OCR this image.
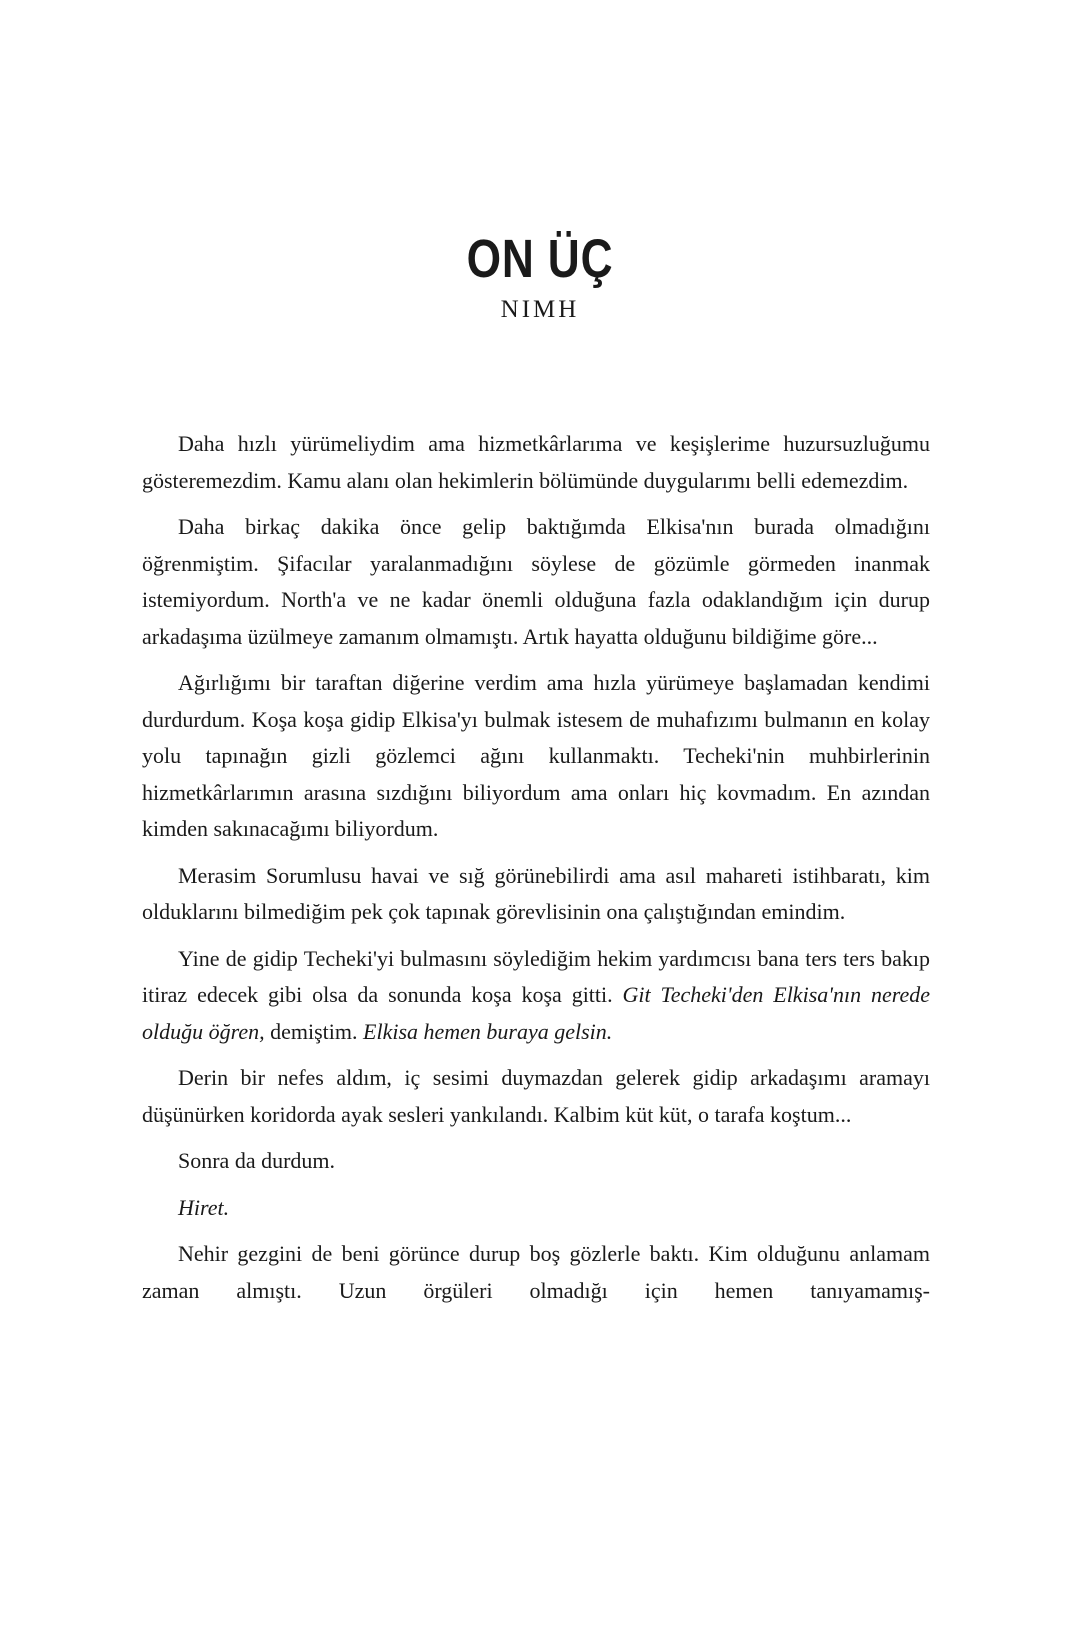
ON ÜÇ
NIMH

Daha hızlı yürümeliydim ama hizmetkârlarıma ve keşişlerime huzursuzluğumu gösteremezdim. Kamu alanı olan hekimlerin bölümünde duygularımı belli edemezdim.

Daha birkaç dakika önce gelip baktığımda Elkisa'nın burada olmadığını öğrenmiştim. Şifacılar yaralanmadığını söylese de gözümle görmeden inanmak istemiyordum. North'a ve ne kadar önemli olduğuna fazla odaklandığım için durup arkadaşıma üzülmeye zamanım olmamıştı. Artık hayatta olduğunu bildiğime göre...

Ağırlığımı bir taraftan diğerine verdim ama hızla yürümeye başlamadan kendimi durdurdum. Koşa koşa gidip Elkisa'yı bulmak istesem de muhafızımı bulmanın en kolay yolu tapınağın gizli gözlemci ağını kullanmaktı. Techeki'nin muhbirlerinin hizmetkârlarımın arasına sızdığını biliyordum ama onları hiç kovmadım. En azından kimden sakınacağımı biliyordum.

Merasim Sorumlusu havai ve sığ görünebilirdi ama asıl mahareti istihbaratı, kim olduklarını bilmediğim pek çok tapınak görevlisinin ona çalıştığından emindim.

Yine de gidip Techeki'yi bulmasını söylediğim hekim yardımcısı bana ters ters bakıp itiraz edecek gibi olsa da sonunda koşa koşa gitti. Git Techeki'den Elkisa'nın nerede olduğu öğren, demiştim. Elkisa hemen buraya gelsin.

Derin bir nefes aldım, iç sesimi duymazdan gelerek gidip arkadaşımı aramayı düşünürken koridorda ayak sesleri yankılandı. Kalbim küt küt, o tarafa koştum...

Sonra da durdum.

Hiret.

Nehir gezgini de beni görünce durup boş gözlerle baktı. Kim olduğunu anlamam zaman almıştı. Uzun örgüleri olmadığı için hemen tanıyamamış-
